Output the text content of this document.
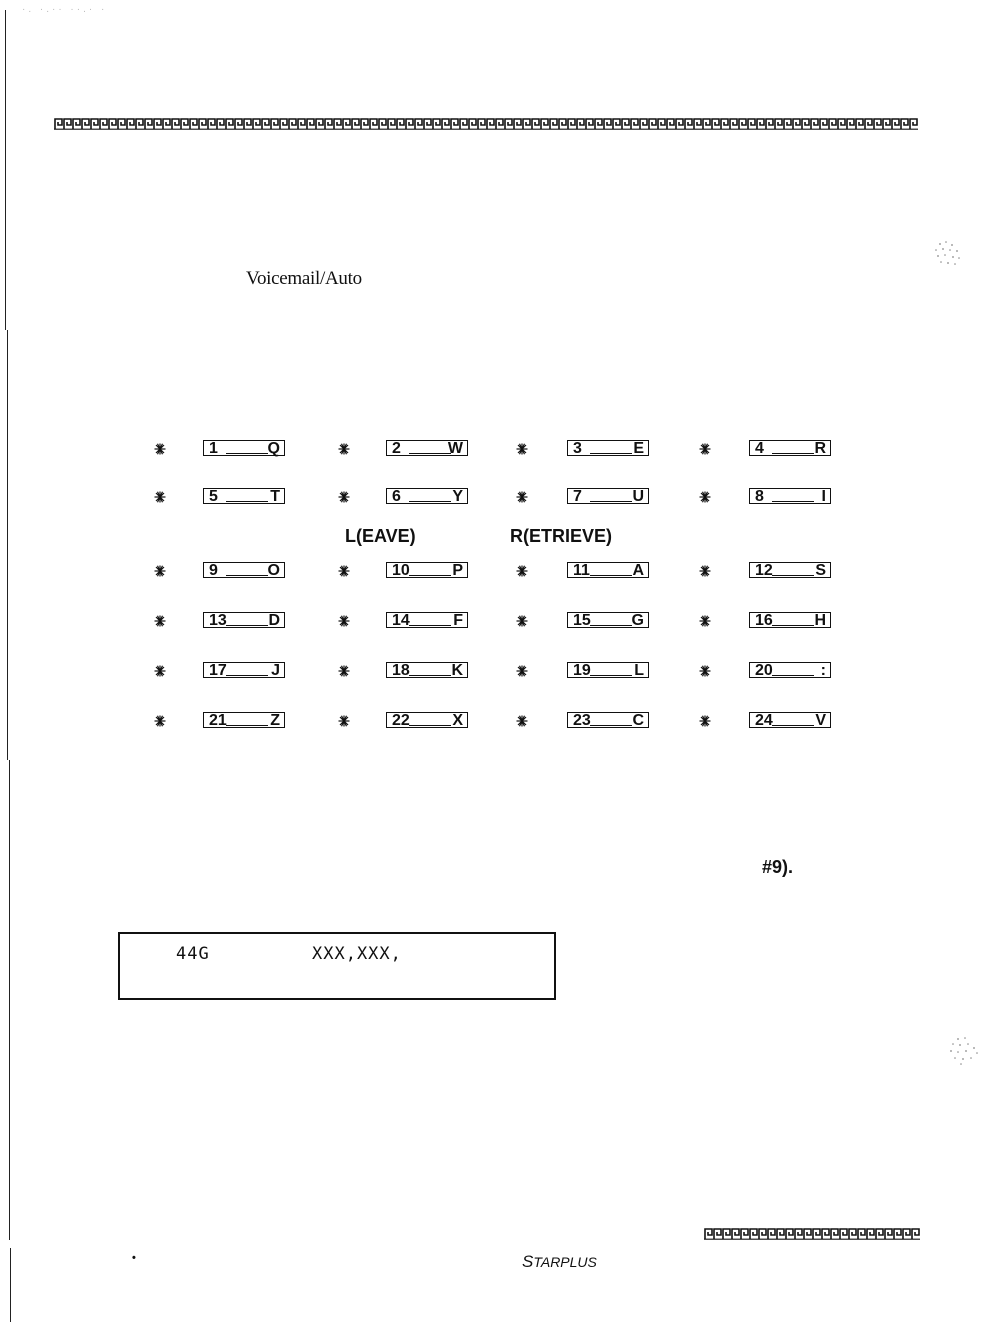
·. ·.·· ··.· ·
Voicemail/Auto
1	Q	2	W	3	E	4	R
5	T	6	Y	7	U	8	I
9	O	10	P	11	A	12	S
13	D	14	F	15	G	16	H
17	J	18	K	19	L	20	:
21	Z	22	X	23	C	24	V
L(EAVE)	R(ETRIEVE)
#9).
44G	XXX,XXX,
•	STARPLUS
